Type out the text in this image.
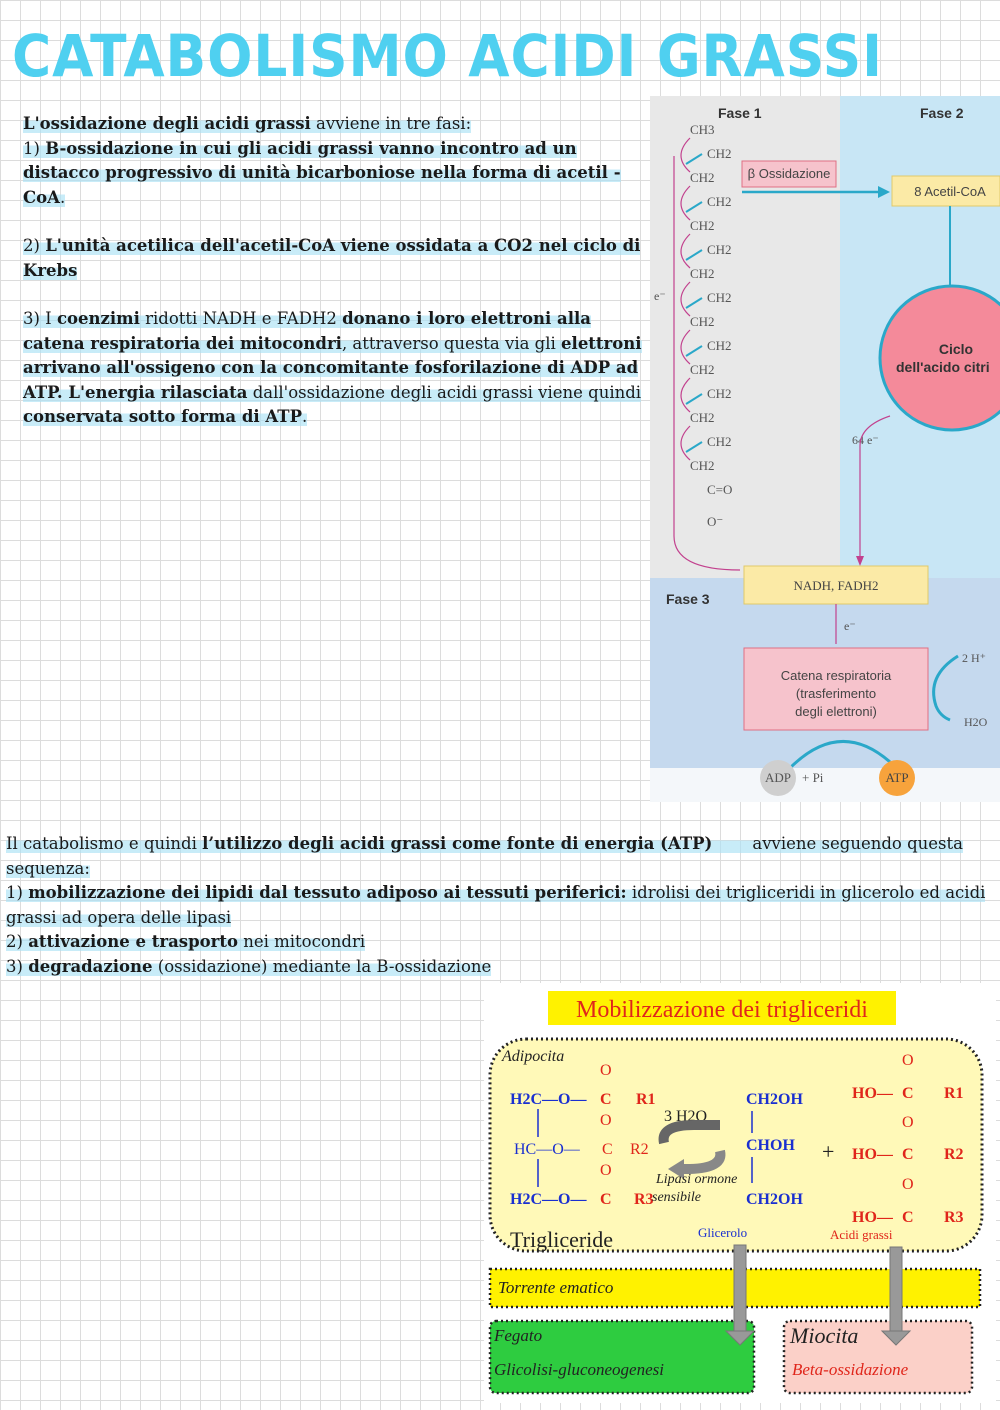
CATABOLISMO ACIDI GRASSI

L'ossidazione degli acidi grassi avviene in tre fasi:

1) B-ossidazione in cui gli acidi grassi vanno incontro ad un distacco progressivo di unità bicarboniose nella forma di acetil -CoA.

2) L'unità acetilica dell'acetil-CoA viene ossidata a CO2 nel ciclo di Krebs

3) I coenzimi ridotti NADH e FADH2 donano i loro elettroni alla catena respiratoria dei mitocondri, attraverso questa via gli elettroni arrivano all'ossigeno con la concomitante fosforilazione di ADP ad ATP. L'energia rilasciata dall'ossidazione degli acidi grassi viene quindi conservata sotto forma di ATP.

Fase 1	Fase 2
Fase 3
CH3
CH2
CH2
CH2
CH2
CH2
CH2
CH2
CH2
CH2
CH2
CH2
CH2
CH2
CH2
C=O
O⁻
e⁻
β Ossidazione
8 Acetil-CoA
Ciclo
dell'acido citri
64 e⁻
NADH, FADH2
e⁻
Catena respiratoria
(trasferimento
degli elettroni)
2 H⁺
H2O
ADP + Pi	ATP

Il catabolismo e quindi l’utilizzo degli acidi grassi come fonte di energia (ATP) avviene seguendo questa sequenza:

1) mobilizzazione dei lipidi dal tessuto adiposo ai tessuti periferici: idrolisi dei trigliceridi in glicerolo ed acidi grassi ad opera delle lipasi

2) attivazione e trasporto nei mitocondri

3) degradazione (ossidazione) mediante la B-ossidazione

Mobilizzazione dei trigliceridi
Adipocita
H2C—O—
HC—O—
H2C—O—
O
C R1
O
C R2
O
C R3
3 H2O
Lipasi ormone
sensibile
CH2OH
CHOH
CH2OH
+
O
HO— C R1
O
HO— C R2
O
HO— C R3
Trigliceride	Glicerolo	Acidi grassi
Torrente ematico
Fegato
Glicolisi-gluconeogenesi
Miocita
Beta-ossidazione
